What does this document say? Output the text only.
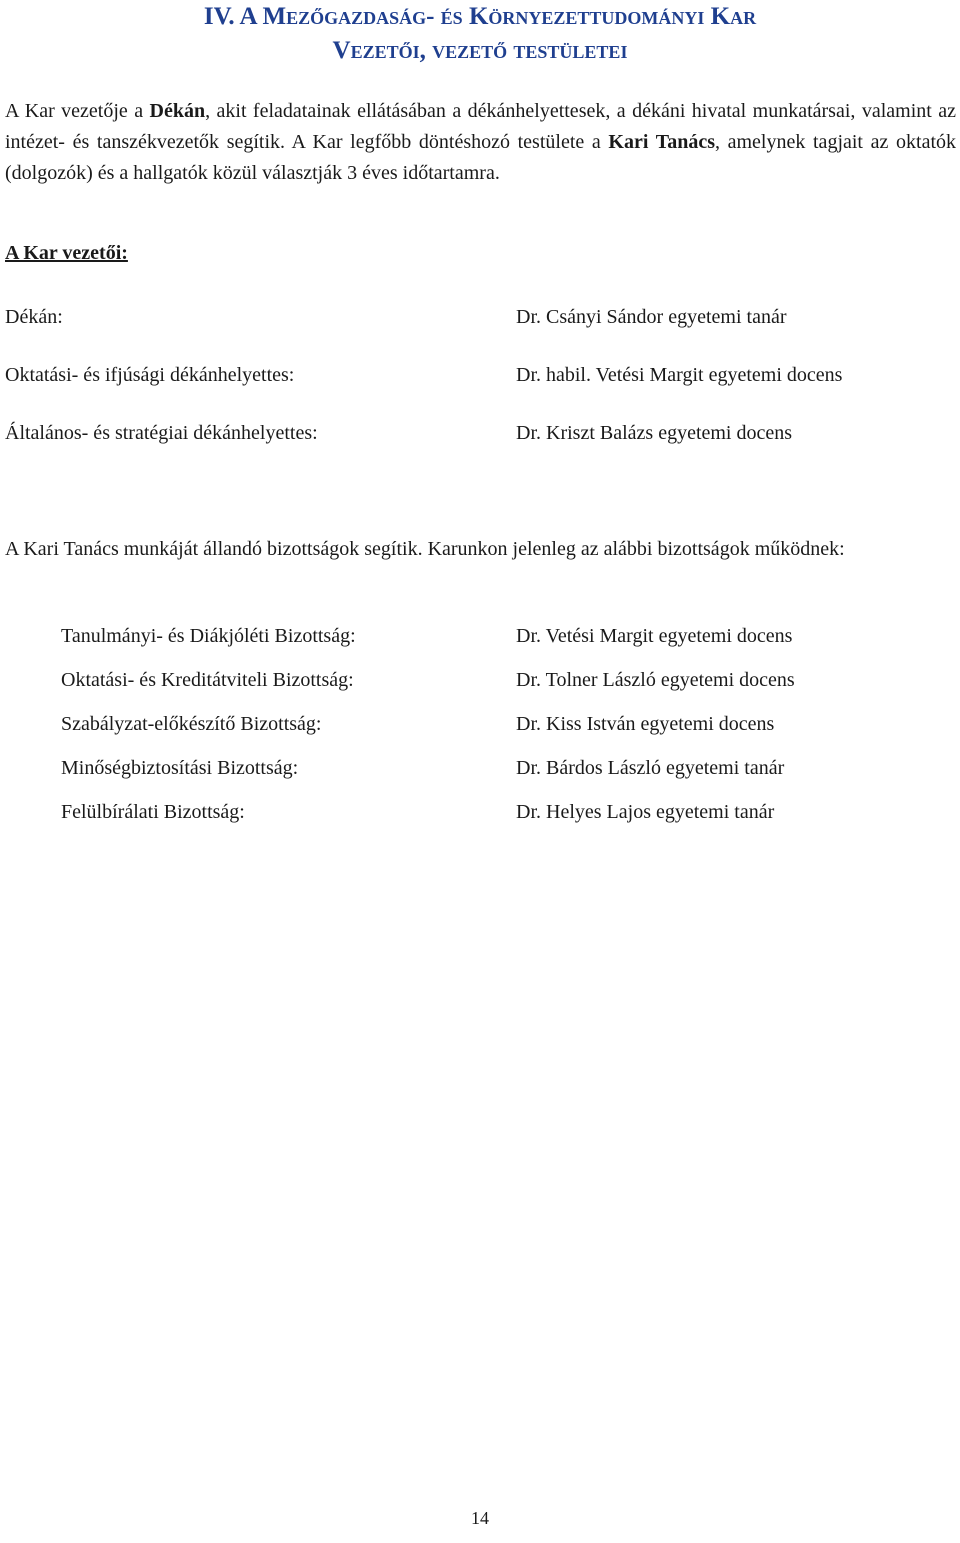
IV. A Mezőgazdaság- és Környezettudományi Kar
Vezetői, vezető testületei
A Kar vezetője a Dékán, akit feladatainak ellátásában a dékánhelyettesek, a dékáni hivatal munkatársai, valamint az intézet- és tanszékvezetők segítik. A Kar legfőbb döntéshozó testülete a Kari Tanács, amelynek tagjait az oktatók (dolgozók) és a hallgatók közül választják 3 éves időtartamra.
A Kar vezetői:
Dékán:	Dr. Csányi Sándor egyetemi tanár
Oktatási- és ifjúsági dékánhelyettes:	Dr. habil. Vetési Margit egyetemi docens
Általános- és stratégiai dékánhelyettes:	Dr. Kriszt Balázs egyetemi docens
A Kari Tanács munkáját állandó bizottságok segítik. Karunkon jelenleg az alábbi bizottságok működnek:
Tanulmányi- és Diákjóléti Bizottság:	Dr. Vetési Margit egyetemi docens
Oktatási- és Kreditátviteli Bizottság:	Dr. Tolner László egyetemi docens
Szabályzat-előkészítő Bizottság:	Dr. Kiss István egyetemi docens
Minőségbiztosítási Bizottság:	Dr. Bárdos László egyetemi tanár
Felülbírálati Bizottság:	Dr. Helyes Lajos egyetemi tanár
14
